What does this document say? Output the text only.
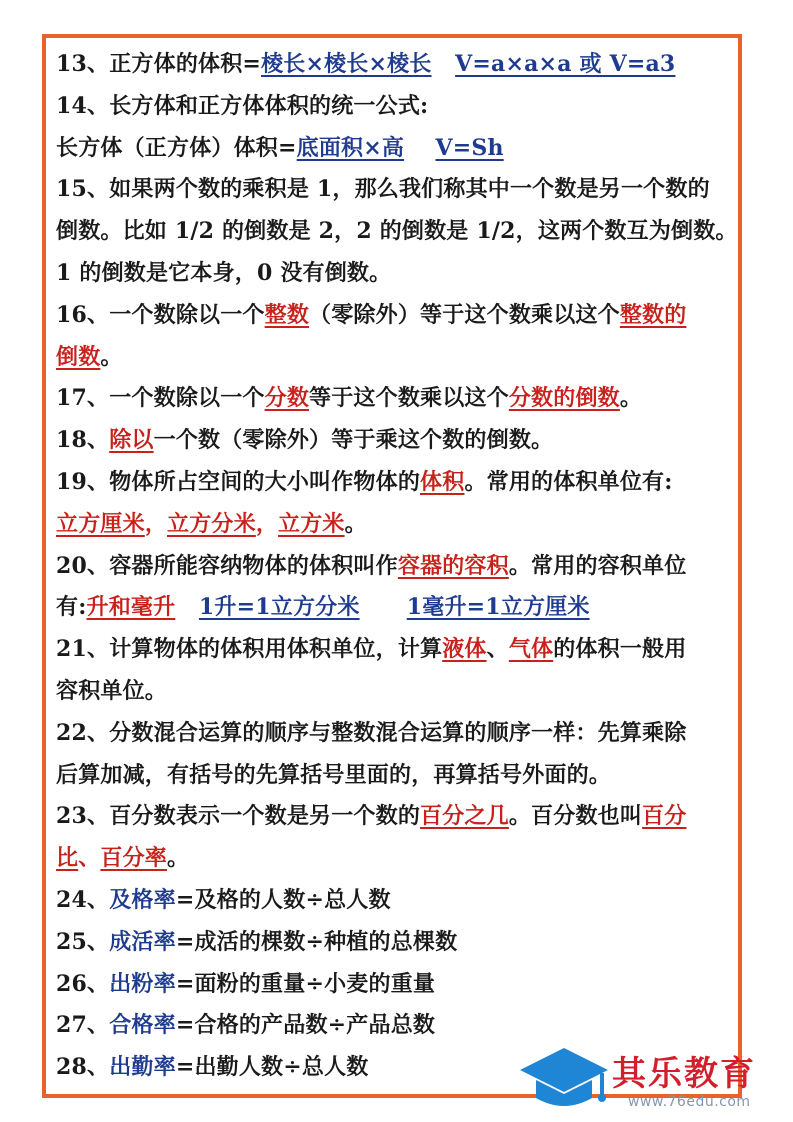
13、正方体的体积=棱长×棱长×棱长 V=a×a×a 或 V=a3
14、长方体和正方体体积的统一公式:
长方体（正方体）体积=底面积×高 V=Sh
15、如果两个数的乘积是 1，那么我们称其中一个数是另一个数的
倒数。比如 1/2 的倒数是 2，2 的倒数是 1/2，这两个数互为倒数。
1 的倒数是它本身，0 没有倒数。
16、一个数除以一个整数（零除外）等于这个数乘以这个整数的
倒数。
17、一个数除以一个分数等于这个数乘以这个分数的倒数。
18、除以一个数（零除外）等于乘这个数的倒数。
19、物体所占空间的大小叫作物体的体积。常用的体积单位有:
立方厘米，立方分米，立方米。
20、容器所能容纳物体的体积叫作容器的容积。常用的容积单位
有:升和毫升 1升=1立方分米 1毫升=1立方厘米
21、计算物体的体积用体积单位，计算液体、气体的体积一般用
容积单位。
22、分数混合运算的顺序与整数混合运算的顺序一样：先算乘除
后算加减，有括号的先算括号里面的，再算括号外面的。
23、百分数表示一个数是另一个数的百分之几。百分数也叫百分
比、百分率。
24、及格率=及格的人数÷总人数
25、成活率=成活的棵数÷种植的总棵数
26、出粉率=面粉的重量÷小麦的重量
27、合格率=合格的产品数÷产品总数
28、出勤率=出勤人数÷总人数	其乐教育
www.76edu.com
